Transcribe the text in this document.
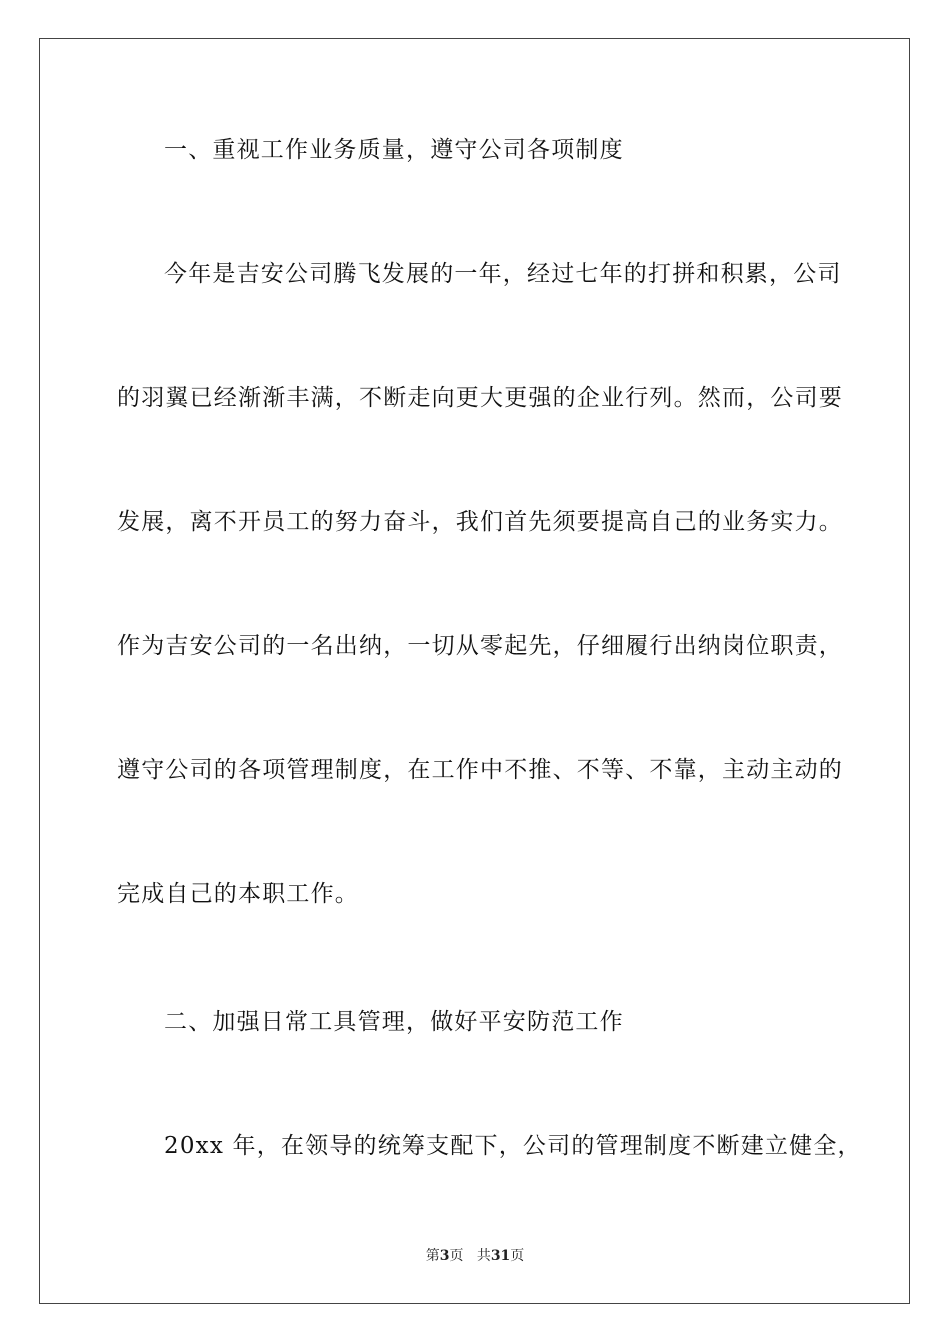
一、重视工作业务质量，遵守公司各项制度
今年是吉安公司腾飞发展的一年，经过七年的打拼和积累，公司
的羽翼已经渐渐丰满，不断走向更大更强的企业行列。然而，公司要
发展，离不开员工的努力奋斗，我们首先须要提高自己的业务实力。
作为吉安公司的一名出纳，一切从零起先，仔细履行出纳岗位职责，
遵守公司的各项管理制度，在工作中不推、不等、不靠，主动主动的
完成自己的本职工作。
二、加强日常工具管理，做好平安防范工作
20xx 年，在领导的统筹支配下，公司的管理制度不断建立健全，
第3页 共31页
